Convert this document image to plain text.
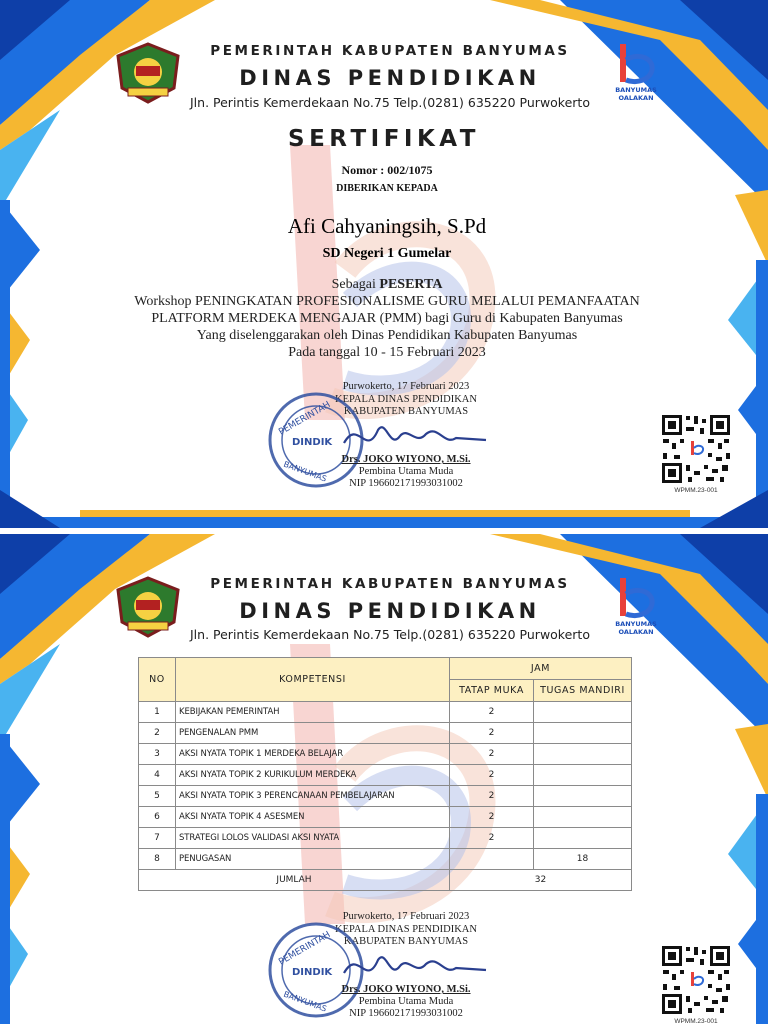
BANYUMAS OALAKAN
PEMERINTAH KABUPATEN BANYUMAS
DINAS PENDIDIKAN
Jln. Perintis Kemerdekaan No.75 Telp.(0281) 635220 Purwokerto
SERTIFIKAT
Nomor : 002/1075
DIBERIKAN KEPADA
Afi Cahyaningsih, S.Pd
SD Negeri 1 Gumelar
Sebagai PESERTA
Workshop PENINGKATAN PROFESIONALISME GURU MELALUI PEMANFAATAN
PLATFORM MERDEKA MENGAJAR (PMM) bagi Guru di Kabupaten Banyumas
Yang diselenggarakan oleh Dinas Pendidikan Kabupaten Banyumas
Pada tanggal 10 - 15 Februari 2023
Purwokerto, 17 Februari 2023
KEPALA DINAS PENDIDIKAN
KABUPATEN BANYUMAS
PEMERINTAH
DINDIK
BANYUMAS
Drs. JOKO WIYONO, M.Si.
Pembina Utama Muda
NIP 196602171993031002
WPMM.23-001
BANYUMAS OALAKAN
PEMERINTAH KABUPATEN BANYUMAS
DINAS PENDIDIKAN
Jln. Perintis Kemerdekaan No.75 Telp.(0281) 635220 Purwokerto
NO	KOMPETENSI	JAM	
		TATAP MUKA	TUGAS MANDIRI
1	KEBIJAKAN PEMERINTAH	2	
2	PENGENALAN PMM	2	
3	AKSI NYATA TOPIK 1 MERDEKA BELAJAR	2	
4	AKSI NYATA TOPIK 2 KURIKULUM MERDEKA	2	
5	AKSI NYATA TOPIK 3 PERENCANAAN PEMBELAJARAN	2	
6	AKSI NYATA TOPIK 4 ASESMEN	2	
7	STRATEGI LOLOS VALIDASI AKSI NYATA	2	
8	PENUGASAN		18
JUMLAH		32	
Purwokerto, 17 Februari 2023
KEPALA DINAS PENDIDIKAN
KABUPATEN BANYUMAS
PEMERINTAH
DINDIK
BANYUMAS
Drs. JOKO WIYONO, M.Si.
Pembina Utama Muda
NIP 196602171993031002
WPMM.23-001
